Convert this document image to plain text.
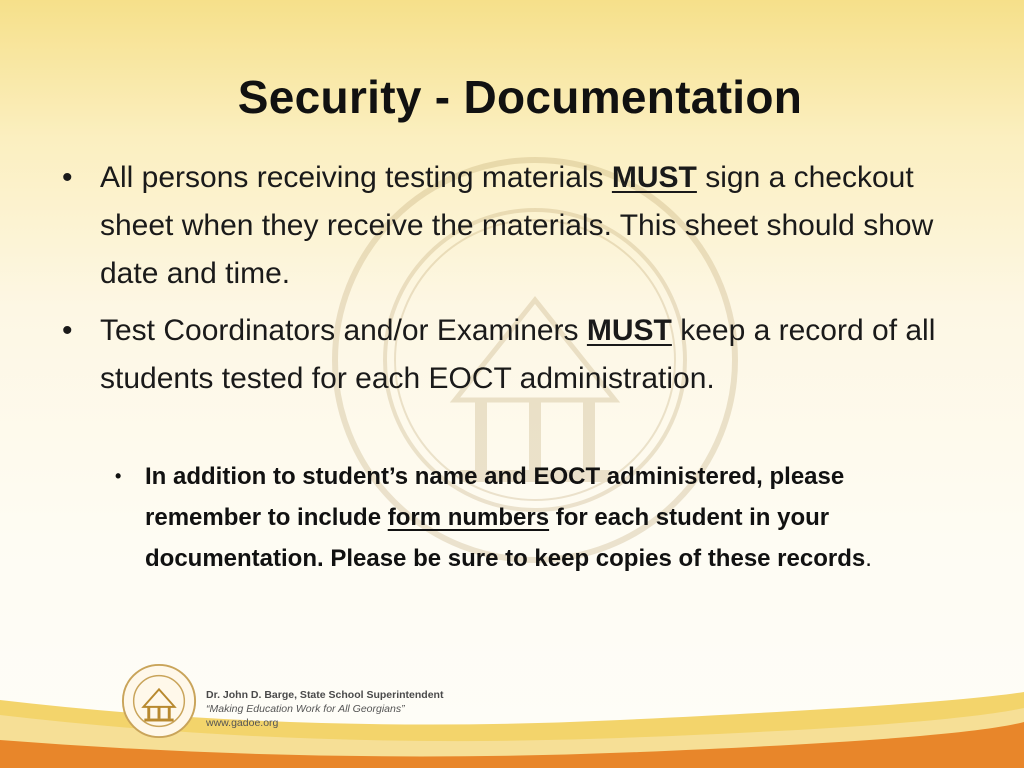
Security - Documentation
• All persons receiving testing materials MUST sign a checkout sheet when they receive the materials. This sheet should show date and time.
• Test Coordinators and/or Examiners MUST keep a record of all students tested for each EOCT administration.
• In addition to student’s name and EOCT administered, please remember to include form numbers for each student in your documentation. Please be sure to keep copies of these records.
Dr. John D. Barge, State School Superintendent
“Making Education Work for All Georgians”
www.gadoe.org
